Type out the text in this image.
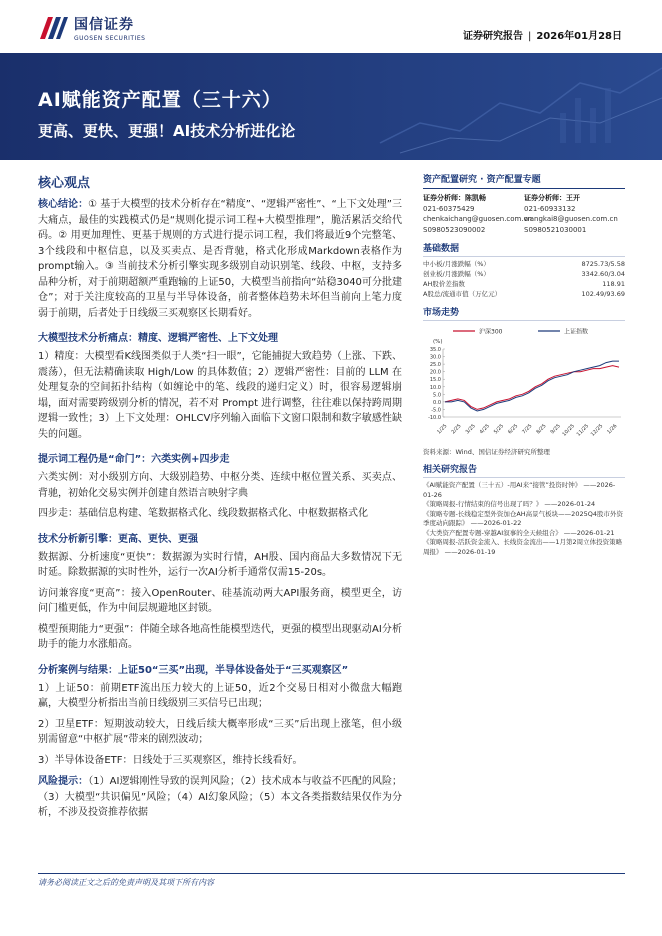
国信证券
GUOSEN SECURITIES	证券研究报告 | 2026年01月28日
AI赋能资产配置（三十六）
更高、更快、更强！AI技术分析进化论
核心观点
核心结论：① 基于大模型的技术分析存在“精度”、“逻辑严密性”、“上下文处理”三大痛点，最佳的实践模式仍是“规则化提示词工程+大模型推理”，脆活累活交给代码。② 用更加理性、更基于规则的方式进行提示词工程，我们将最近9个完整笔、3个线段和中枢信息，以及买卖点、是否背驰，格式化形成Markdown表格作为prompt输入。③ 当前技术分析引擎实现多级别自动识别笔、线段、中枢，支持多品种分析，对于前期超额严重跑输的上证50，大模型当前指向“站稳3040可分批建仓”；对于关注度较高的卫星与半导体设备，前者整体趋势未坏但当前向上笔力度弱于前期，后者处于日线级三买观察区长期看好。
大模型技术分析痛点：精度、逻辑严密性、上下文处理
1）精度：大模型看K线图类似于人类“扫一眼”，它能捕捉大致趋势（上涨、下跌、震荡），但无法精确读取 High/Low 的具体数值；2）逻辑严密性：目前的 LLM 在处理复杂的空间拓扑结构（如缠论中的笔、线段的递归定义）时，很容易逻辑崩塌，面对需要跨级别分析的情况，若不对 Prompt 进行调整，往往难以保持跨周期逻辑一致性；3）上下文处理：OHLCV序列输入面临下文窗口限制和数字敏感性缺失的问题。
提示词工程仍是“命门”：六类实例+四步走
六类实例：对小级别方向、大级别趋势、中枢分类、连续中枢位置关系、买卖点、背驰，初始化交易实例并创建自然语言映射字典
四步走：基础信息构建、笔数据格式化、线段数据格式化、中枢数据格式化
技术分析新引擎：更高、更快、更强
数据源、分析速度“更快”：数据源为实时行情，AH股、国内商品大多数情况下无时延。除数据源的实时性外，运行一次AI分析手通常仅需15-20s。
访问兼容度“更高”：接入OpenRouter、硅基流动两大API服务商，模型更全，访问门槛更低，作为中间层规避地区封锁。
模型预期能力“更强”：伴随全球各地高性能模型迭代，更强的模型出现驱动AI分析助手的能力水涨船高。
分析案例与结果：上证50“三买”出现，半导体设备处于“三买观察区”
1）上证50：前期ETF流出压力较大的上证50，近2个交易日相对小微盘大幅跑赢，大模型分析指出当前日线级别三买信号已出现；
2）卫星ETF：短期波动较大，日线后续大概率形成“三买”后出现上涨笔，但小级别需留意“中枢扩展”带来的剧烈波动；
3）半导体设备ETF：日线处于三买观察区，维持长线看好。
风险提示：（1）AI逻辑刚性导致的误判风险；（2）技术成本与收益不匹配的风险；（3）大模型“共识偏见”风险；（4）AI幻象风险；（5）本文各类指数结果仅作为分析，不涉及投资推荐依据
资产配置研究 · 资产配置专题
证券分析师：陈凯畅
021-60375429
chenkaichang@guosen.com.cn
S0980523090002
证券分析师：王开
021-60933132
wangkai8@guosen.com.cn
S0980521030001
基础数据
中小板/月涨跌幅（%）	8725.73/5.58
创业板/月涨跌幅（%）	3342.60/3.04
AH股价差指数	118.91
A股总/流通市值（万亿元）	102.49/93.69
市场走势
沪深300	上证指数
(%)
35.0
30.0
25.0
20.0
15.0
10.0
5.0
0.0
-5.0
-10.0
1/25 2/25 3/25 4/25 5/25 6/25 7/25 8/25 9/25 10/25 11/25 12/25 1/26
资料来源：Wind、国信证券经济研究所整理
相关研究报告
《AI赋能资产配置（三十五）-用AI来“接管”投资时钟》 ——2026-01-26
《策略周报-行情结束的信号出现了吗？》 ——2026-01-24
《策略专题-长线稳定型外资加仓AH高景气板块——2025Q4股市外资季度动向跟踪》 ——2026-01-22
《大类资产配置专题-穿越AI叙事的全天候组合》 ——2026-01-21
《策略周报-活跃资金流入、长线资金流出——1月第2周立体投资策略周报》 ——2026-01-19
请务必阅读正文之后的免责声明及其项下所有内容
